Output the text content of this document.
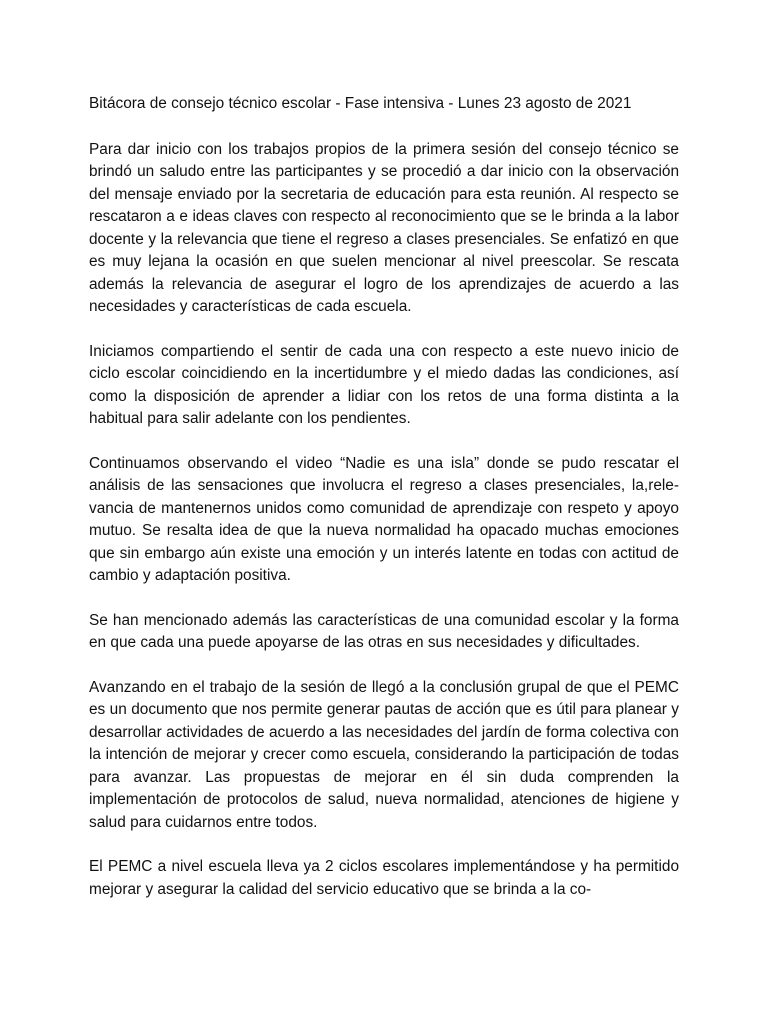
Bitácora de consejo técnico escolar - Fase intensiva - Lunes 23 agosto de 2021

Para dar inicio con los trabajos propios de la primera sesión del consejo técnico se brindó un saludo entre las participantes y se procedió a dar inicio con la observación del mensaje enviado por la secretaria de educación para esta reunión. Al respecto se rescataron a e ideas claves con respecto al reconocimiento que se le brinda a la labor docente y la relevancia que tiene el regreso a clases presenciales. Se enfatizó en que es muy lejana la ocasión en que suelen mencionar al nivel preescolar. Se rescata además la relevancia de asegurar el logro de los aprendizajes de acuerdo a las necesidades y características de cada escuela.

Iniciamos compartiendo el sentir de cada una con respecto a este nuevo inicio de ciclo escolar coincidiendo en la incertidumbre y el miedo dadas las condiciones, así como la disposición de aprender a lidiar con los retos de una forma distinta a la habitual para salir adelante con los pendientes.

Continuamos observando el video “Nadie es una isla” donde se pudo rescatar el análisis de las sensaciones que involucra el regreso a clases presenciales, la,relevancia de mantenernos unidos como comunidad de aprendizaje con respeto y apoyo mutuo. Se resalta idea de que la nueva normalidad ha opacado muchas emociones que sin embargo aún existe una emoción y un interés latente en todas con actitud de cambio y adaptación positiva.

Se han mencionado además las características de una comunidad escolar y la forma en que cada una puede apoyarse de las otras en sus necesidades y dificultades.

Avanzando en el trabajo de la sesión de llegó a la conclusión grupal de que el PEMC es un documento que nos permite generar pautas de acción que es útil para planear y desarrollar actividades de acuerdo a las necesidades del jardín de forma colectiva con la intención de mejorar y crecer como escuela, considerando la participación de todas para avanzar. Las propuestas de mejorar en él sin duda comprenden la implementación de protocolos de salud, nueva normalidad, atenciones de higiene y salud para cuidarnos entre todos.

El PEMC a nivel escuela lleva ya 2 ciclos escolares implementándose y ha permitido mejorar y asegurar la calidad del servicio educativo que se brinda a la co-
